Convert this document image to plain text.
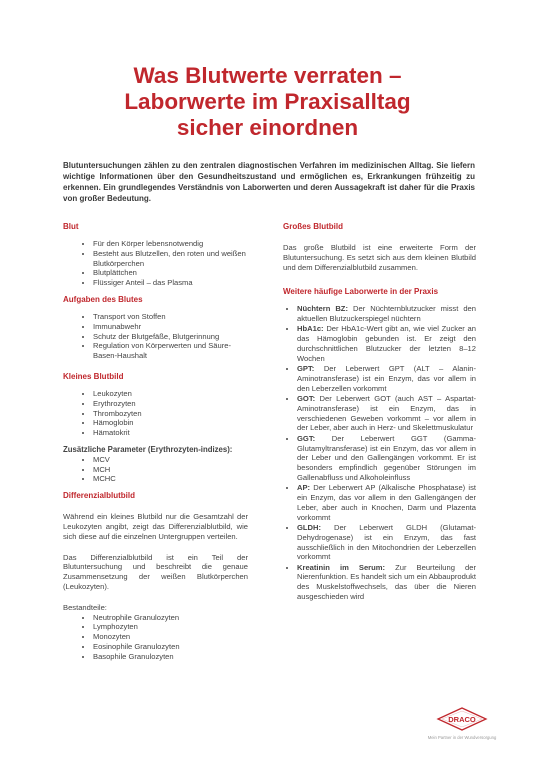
Was Blutwerte verraten –
Laborwerte im Praxisalltag
sicher einordnen

Blutuntersuchungen zählen zu den zentralen diagnostischen Verfahren im medizinischen Alltag. Sie liefern wichtige Informationen über den Gesundheitszustand und ermöglichen es, Erkrankungen frühzeitig zu erkennen. Ein grundlegendes Verständnis von Laborwerten und deren Aussagekraft ist daher für die Praxis von großer Bedeutung.

Blut
• Für den Körper lebensnotwendig
• Besteht aus Blutzellen, den roten und weißen Blutkörperchen
• Blutplättchen
• Flüssiger Anteil – das Plasma
Aufgaben des Blutes
• Transport von Stoffen
• Immunabwehr
• Schutz der Blutgefäße, Blutgerinnung
• Regulation von Körperwerten und Säure-Basen-Haushalt
Kleines Blutbild
• Leukozyten
• Erythrozyten
• Thrombozyten
• Hämoglobin
• Hämatokrit
Zusätzliche Parameter (Erythrozyten-indizes):
• MCV
• MCH
• MCHC
Differenzialblutbild

Während ein kleines Blutbild nur die Gesamtzahl der Leukozyten angibt, zeigt das Differenzialblutbild, wie sich diese auf die einzelnen Untergruppen verteilen.

Das Differenzialblutbild ist ein Teil der Blutuntersuchung und beschreibt die genaue Zusammensetzung der weißen Blutkörperchen (Leukozyten).

Bestandteile:

• Neutrophile Granulozyten
• Lymphozyten
• Monozyten
• Eosinophile Granulozyten
• Basophile Granulozyten
Großes Blutbild

Das große Blutbild ist eine erweiterte Form der Blutuntersuchung. Es setzt sich aus dem kleinen Blutbild und dem Differenzialblutbild zusammen.

Weitere häufige Laborwerte in der Praxis
• Nüchtern BZ: Der Nüchternblutzucker misst den aktuellen Blutzuckerspiegel nüchtern
• HbA1c: Der HbA1c-Wert gibt an, wie viel Zucker an das Hämoglobin gebunden ist. Er zeigt den durchschnittlichen Blutzucker der letzten 8–12 Wochen
• GPT: Der Leberwert GPT (ALT – Alanin-Aminotransferase) ist ein Enzym, das vor allem in den Leberzellen vorkommt
• GOT: Der Leberwert GOT (auch AST – Aspartat-Aminotransferase) ist ein Enzym, das in verschiedenen Geweben vorkommt – vor allem in der Leber, aber auch in Herz- und Skelettmuskulatur
• GGT: Der Leberwert GGT (Gamma-Glutamyltransferase) ist ein Enzym, das vor allem in der Leber und den Gallengängen vorkommt. Er ist besonders empfindlich gegenüber Störungen im Gallenabfluss und Alkoholeinfluss
• AP: Der Leberwert AP (Alkalische Phosphatase) ist ein Enzym, das vor allem in den Gallengängen der Leber, aber auch in Knochen, Darm und Plazenta vorkommt
• GLDH: Der Leberwert GLDH (Glutamat-Dehydrogenase) ist ein Enzym, das fast ausschließlich in den Mitochondrien der Leberzellen vorkommt
• Kreatinin im Serum: Zur Beurteilung der Nierenfunktion. Es handelt sich um ein Abbauprodukt des Muskelstoffwechsels, das über die Nieren ausgeschieden wird
DRACO
Mein Partner in der Wundversorgung
